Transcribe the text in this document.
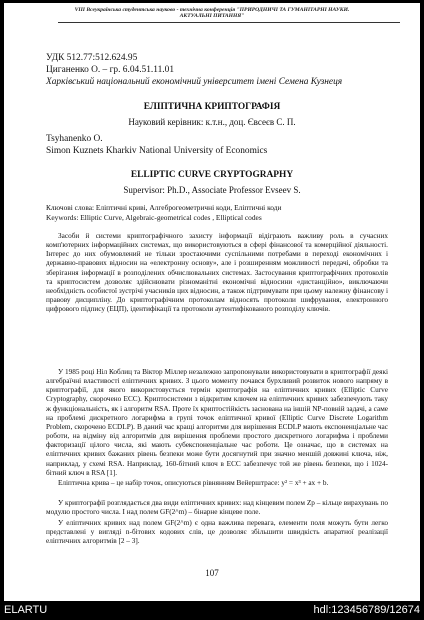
VIII Всеукраїнська студентська науково - технічна конференція "ПРИРОДНИЧІ ТА ГУМАНІТАРНІ НАУКИ.
АКТУАЛЬНІ ПИТАННЯ"
УДК 512.77:512.624.95
Циганенко О. – гр. 6.04.51.11.01
Харківський національний економічний університет імені Семена Кузнеця
ЕЛІПТИЧНА КРИПТОГРАФІЯ
Науковий керівник: к.т.н., доц. Євсеєв С. П.
Tsyhanenko O.
Simon Kuznets Kharkiv National University of Economics
ELLIPTIC CURVE CRYPTOGRAPHY
Supervisor: Ph.D., Associate Professor Evseev S.
Ключові слова: Еліптичні криві, Алгеброгеометричні коди, Еліптичні коди
Keywords: Elliptic Curve, Algebraic-geometrical codes , Elliptical codes

Засоби й системи криптографічного захисту інформації відіграють важливу роль в сучасних комп'ютерних інформаційних системах, що використовуються в сфері фінансової та комерційної діяльності. Інтерес до них обумовлений не тільки зростаючими суспільними потребами в переході економічних і державно-правових відносин на «електронну основу», але і розширенням можливості передачі, обробки та зберігання інформації в розподілених обчислювальних системах. Застосування криптографічних протоколів та криптосистем дозволяє здійснювати різноманітні економічні відносини «дистанційно», виключаючи необхідність особистої зустрічі учасників цих відносин, а також підтримувати при цьому належну фінансову і правову дисципліну. До криптографічним протоколам відносять протоколи шифрування, електронного цифрового підпису (ЕЦП), ідентифікації та протоколи аутентифікованого розподілу ключів.

У 1985 році Ніл Коблиц та Віктор Міллер незалежно запропонували використовувати в криптографії деякі алгебраїчні властивості еліптичних кривих. З цього моменту почався бурхливий розвиток нового напряму в криптографії, для якого використовується термін криптографія на еліптичних кривих (Elliptic Curve Cryptography, скорочено ECC). Криптосистеми з відкритим ключем на еліптичних кривих забезпечують таку ж функціональність, як і алгоритм RSA. Проте їх криптостійкість заснована на іншій NP-повній задачі, а саме на проблемі дискретного логарифма в групі точок еліптичної кривої (Elliptic Curve Discrete Logarithm Problem, скорочено ECDLP). В даний час кращі алгоритми для вирішення ECDLP мають експоненціальне час роботи, на відміну від алгоритмів для вирішення проблеми простого дискретного логарифма і проблеми факторизації цілого числа, які мають субекспоненціальне час роботи. Це означає, що в системах на еліптичних кривих бажаних рівень безпеки може бути досягнутий при значно меншій довжині ключа, ніж, наприклад, у схемі RSA. Наприклад, 160-бітний ключ в ECC забезпечує той же рівень безпеки, що і 1024-бітний ключ в RSA [1].

Еліптична крива – це набір точок, описуються рівнянням Вейерштрасе: y² = x³ + ax + b.

У криптографії розглядається два види еліптичних кривих: над кінцевим полем Zp – кільце вирахувань по модулю простого числа. І над полем GF(2^m) – бінарне кінцеве поле.

У еліптичних кривих над полем GF(2^m) є одна важлива перевага, елементи поля можуть бути легко представлені у вигляді n-бітових кодових слів, це дозволяє збільшити швидкість апаратної реалізації еліптичних алгоритмів [2 – 3].

107
ELARTU	hdl:123456789/12674
